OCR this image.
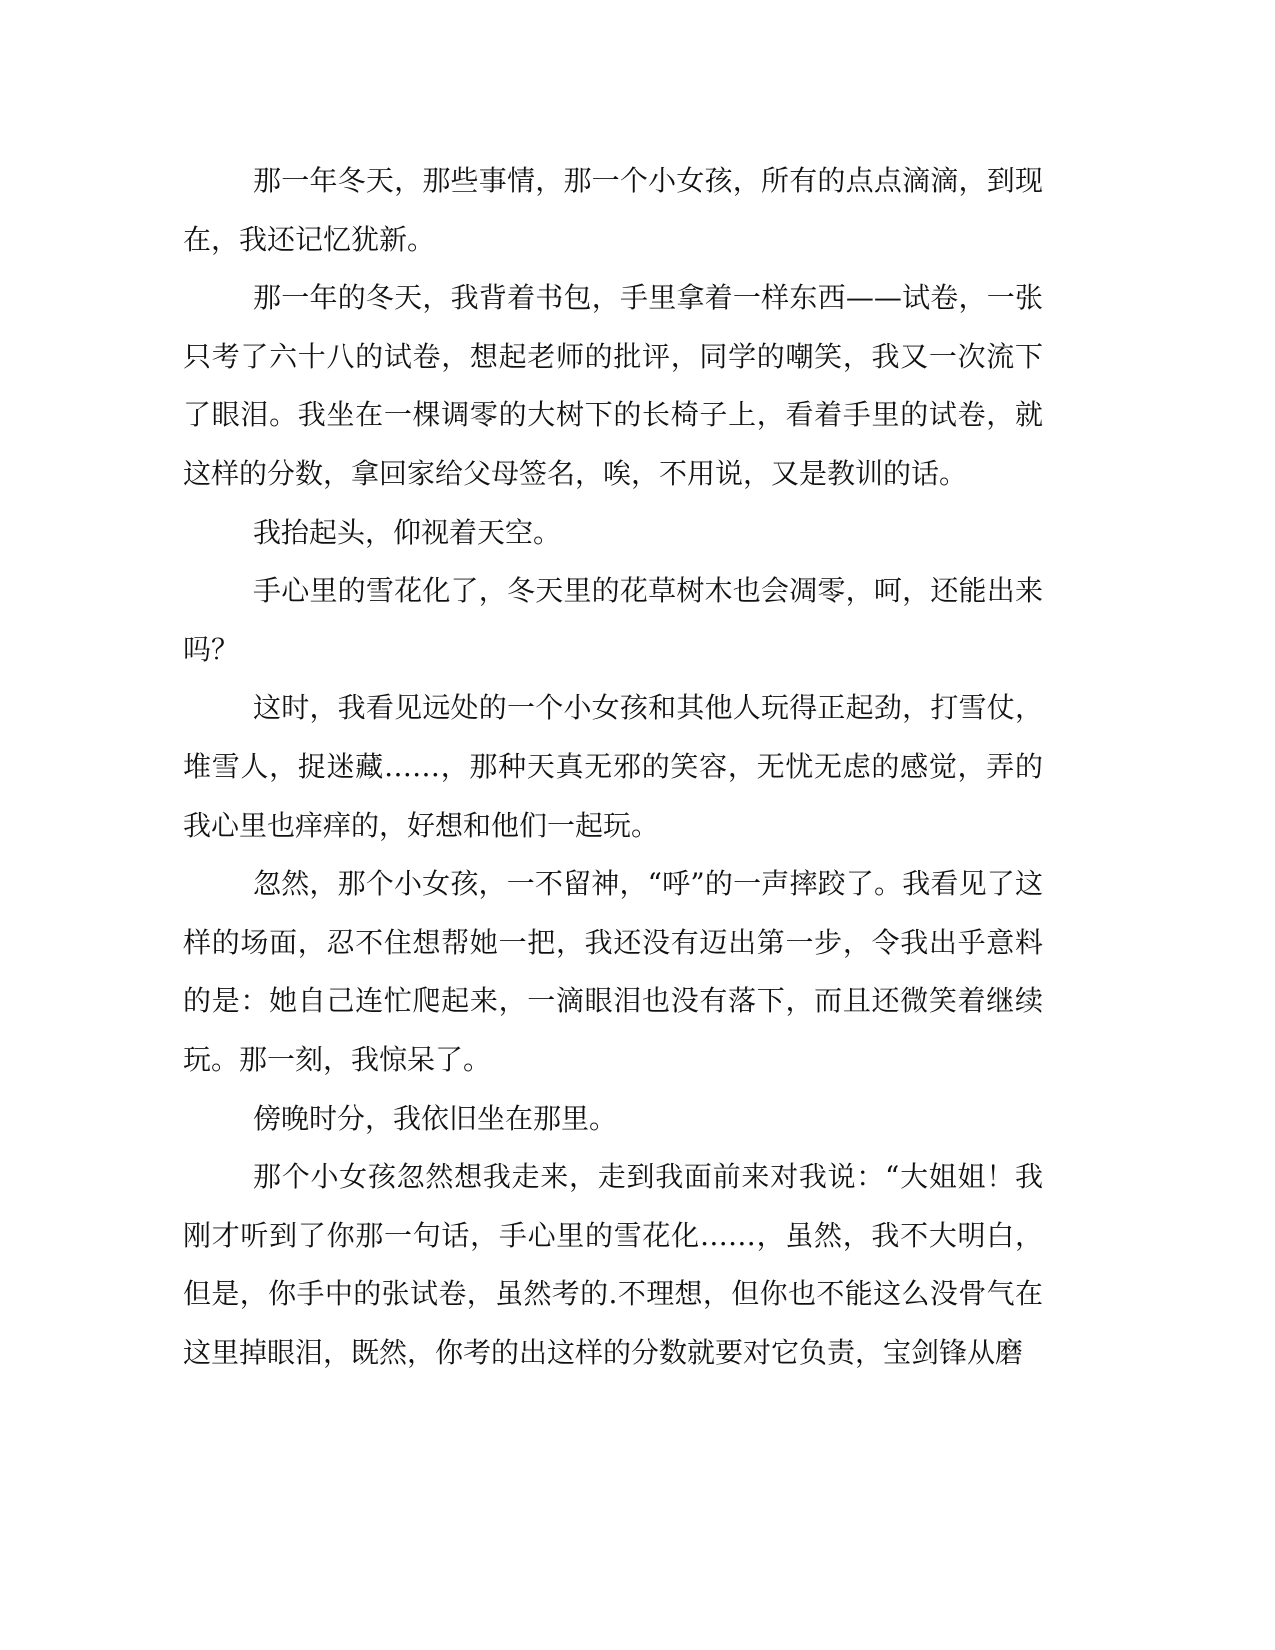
那一年冬天，那些事情，那一个小女孩，所有的点点滴滴，到现在，我还记忆犹新。

那一年的冬天，我背着书包，手里拿着一样东西——试卷，一张只考了六十八的试卷，想起老师的批评，同学的嘲笑，我又一次流下了眼泪。我坐在一棵调零的大树下的长椅子上，看着手里的试卷，就这样的分数，拿回家给父母签名，唉，不用说，又是教训的话。

我抬起头，仰视着天空。

手心里的雪花化了，冬天里的花草树木也会凋零，呵，还能出来吗？

这时，我看见远处的一个小女孩和其他人玩得正起劲，打雪仗，堆雪人，捉迷藏……，那种天真无邪的笑容，无忧无虑的感觉，弄的我心里也痒痒的，好想和他们一起玩。

忽然，那个小女孩，一不留神，“呼”的一声摔跤了。我看见了这样的场面，忍不住想帮她一把，我还没有迈出第一步，令我出乎意料的是：她自己连忙爬起来，一滴眼泪也没有落下，而且还微笑着继续玩。那一刻，我惊呆了。

傍晚时分，我依旧坐在那里。

那个小女孩忽然想我走来，走到我面前来对我说：“大姐姐！我刚才听到了你那一句话，手心里的雪花化……，虽然，我不大明白，但是，你手中的张试卷，虽然考的.不理想，但你也不能这么没骨气在这里掉眼泪，既然，你考的出这样的分数就要对它负责，宝剑锋从磨
